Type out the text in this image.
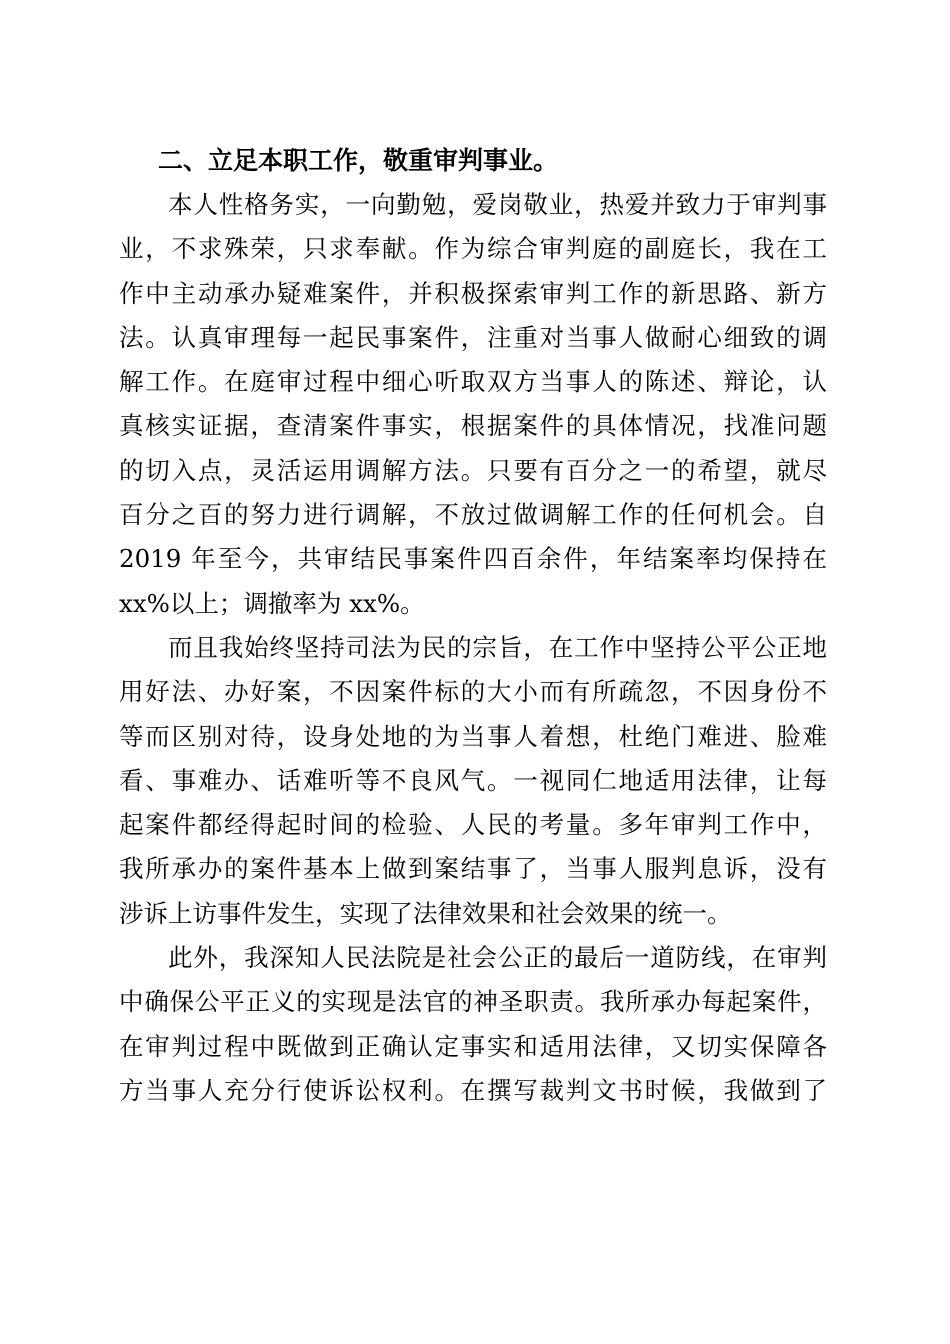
二、立足本职工作，敬重审判事业。
本人性格务实，一向勤勉，爱岗敬业，热爱并致力于审判事
业，不求殊荣，只求奉献。作为综合审判庭的副庭长，我在工
作中主动承办疑难案件，并积极探索审判工作的新思路、新方
法。认真审理每一起民事案件，注重对当事人做耐心细致的调
解工作。在庭审过程中细心听取双方当事人的陈述、辩论，认
真核实证据，查清案件事实，根据案件的具体情况，找准问题
的切入点，灵活运用调解方法。只要有百分之一的希望，就尽
百分之百的努力进行调解，不放过做调解工作的任何机会。自
2019 年至今，共审结民事案件四百余件，年结案率均保持在
xx%以上；调撤率为 xx%。
而且我始终坚持司法为民的宗旨，在工作中坚持公平公正地
用好法、办好案，不因案件标的大小而有所疏忽，不因身份不
等而区别对待，设身处地的为当事人着想，杜绝门难进、脸难
看、事难办、话难听等不良风气。一视同仁地适用法律，让每
起案件都经得起时间的检验、人民的考量。多年审判工作中，
我所承办的案件基本上做到案结事了，当事人服判息诉，没有
涉诉上访事件发生，实现了法律效果和社会效果的统一。
此外，我深知人民法院是社会公正的最后一道防线，在审判
中确保公平正义的实现是法官的神圣职责。我所承办每起案件，
在审判过程中既做到正确认定事实和适用法律，又切实保障各
方当事人充分行使诉讼权利。在撰写裁判文书时候，我做到了
